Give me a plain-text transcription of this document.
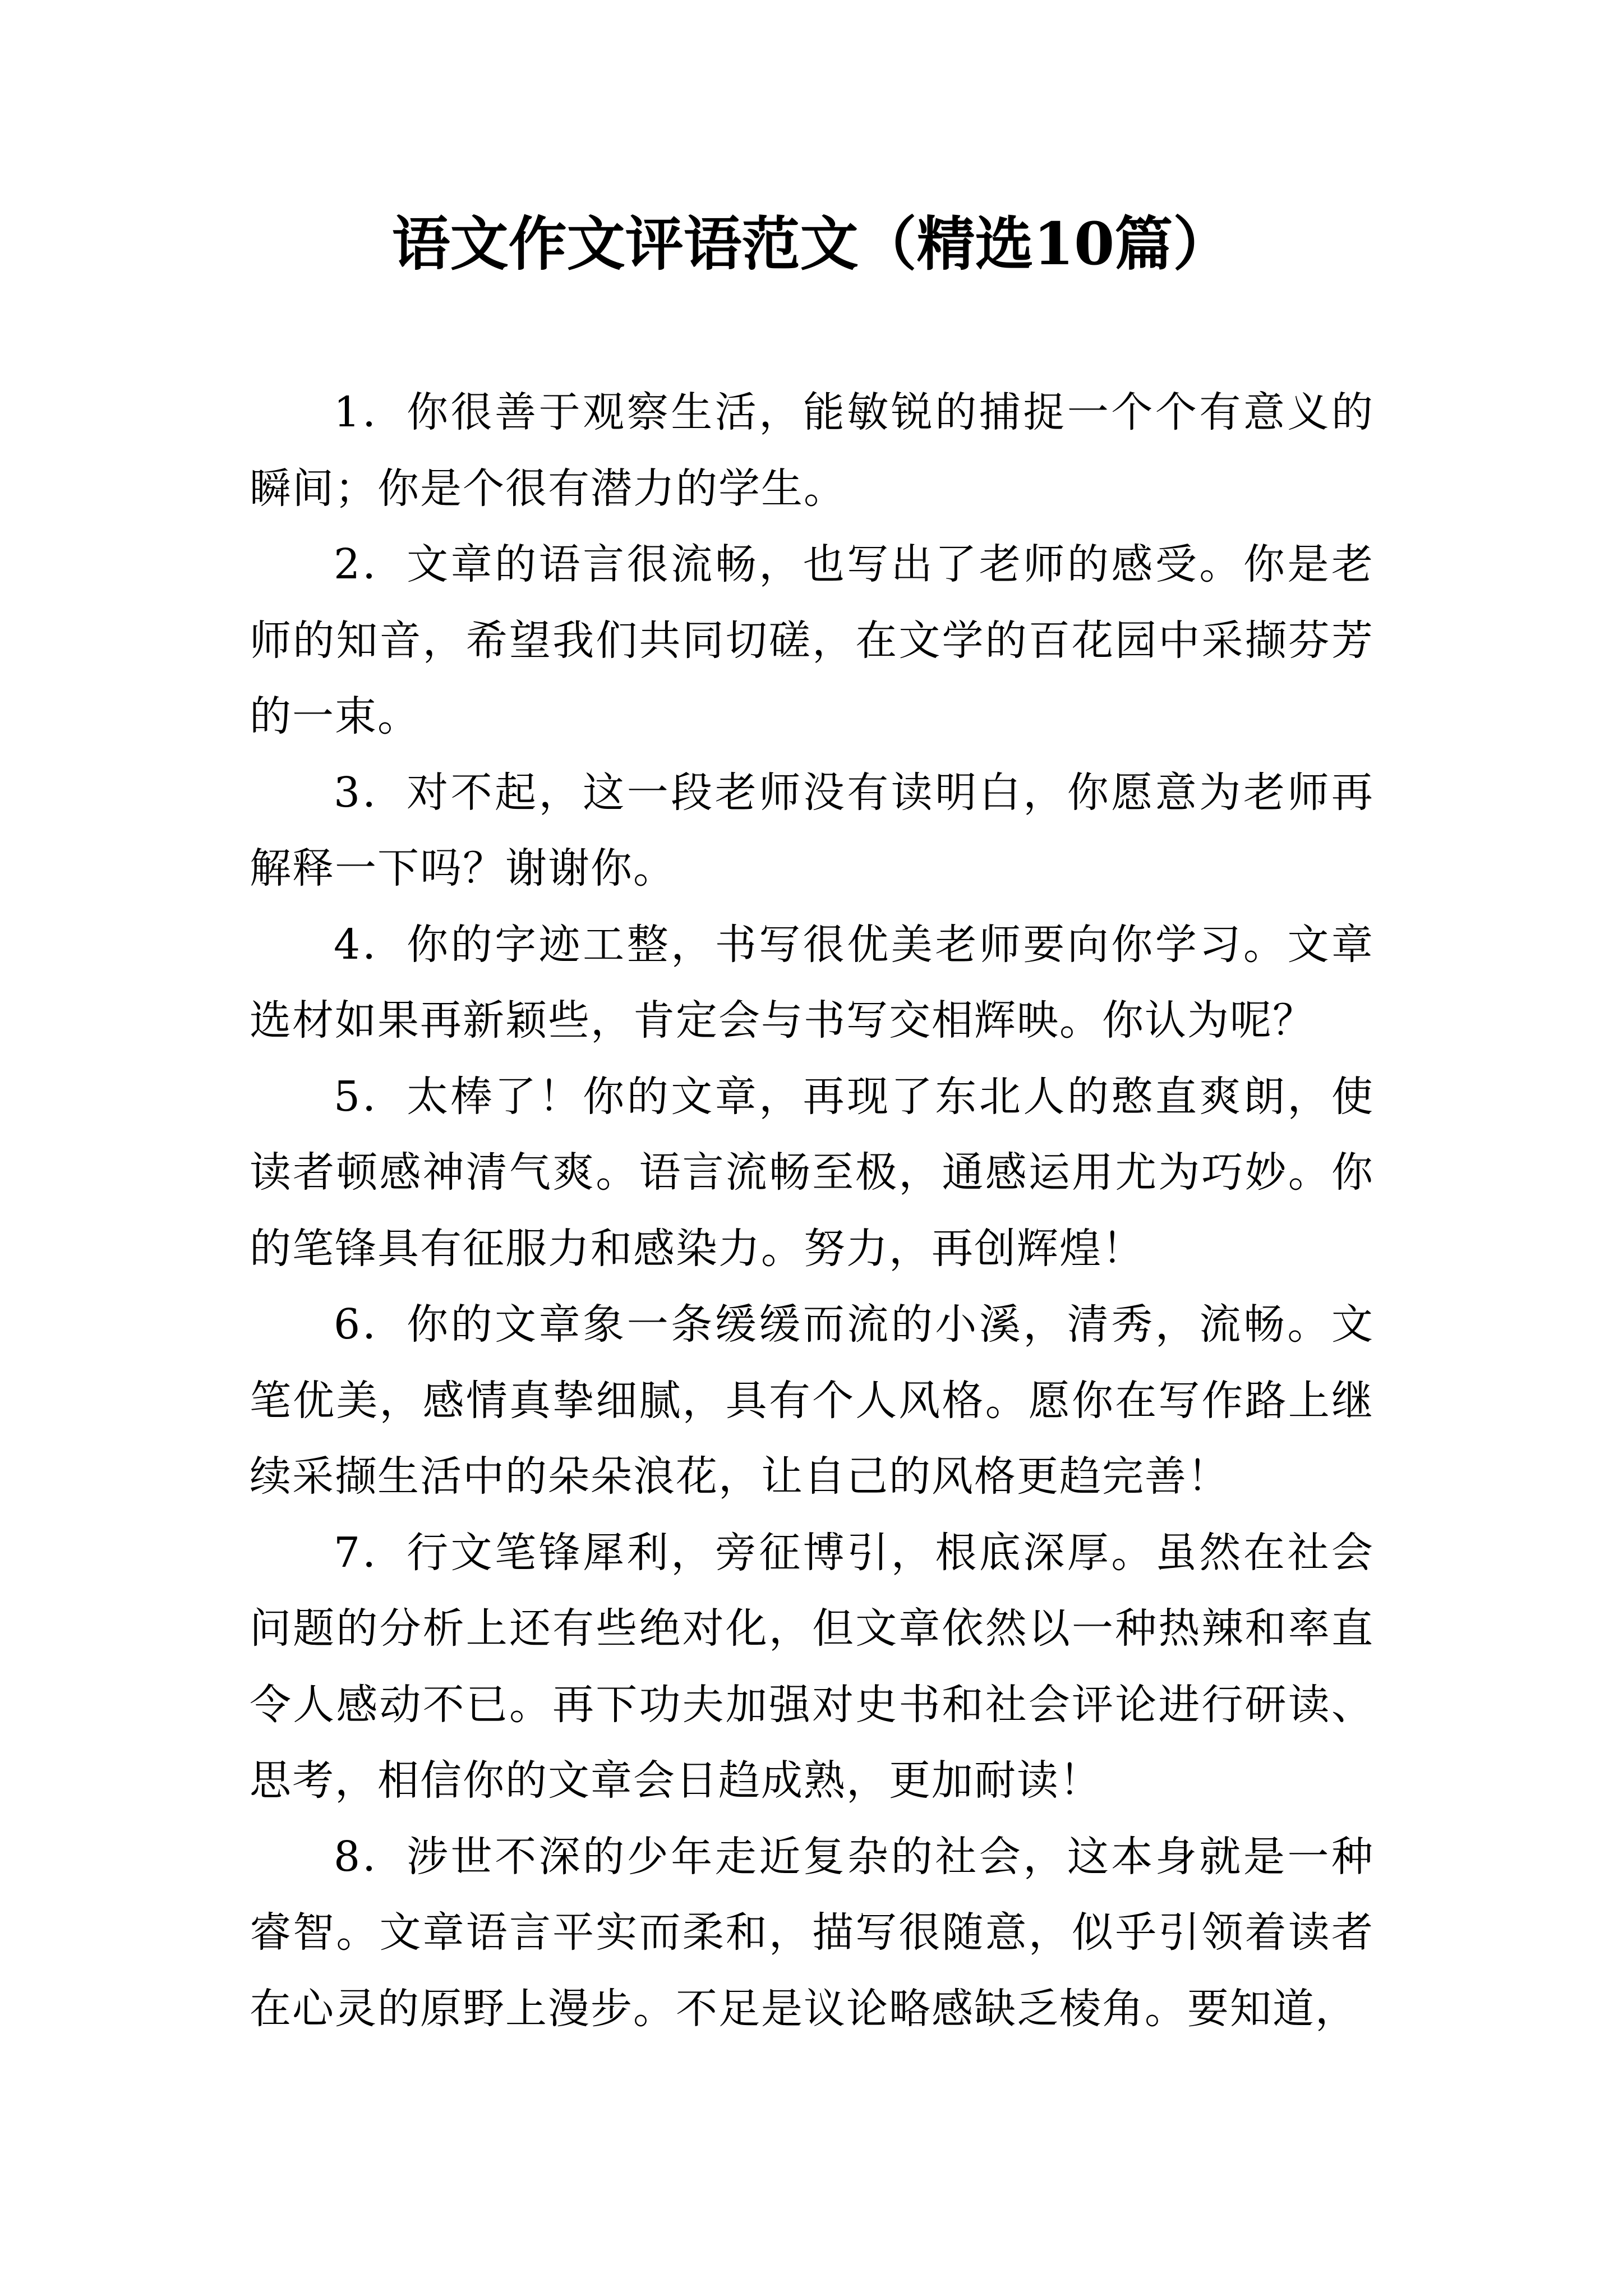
语文作文评语范文（精选10篇）

1．你很善于观察生活，能敏锐的捕捉一个个有意义的瞬间；你是个很有潜力的学生。

2．文章的语言很流畅，也写出了老师的感受。你是老师的知音，希望我们共同切磋，在文学的百花园中采撷芬芳的一束。

3．对不起，这一段老师没有读明白，你愿意为老师再解释一下吗？谢谢你。

4．你的字迹工整，书写很优美老师要向你学习。文章选材如果再新颖些，肯定会与书写交相辉映。你认为呢？

5．太棒了！你的文章，再现了东北人的憨直爽朗，使读者顿感神清气爽。语言流畅至极，通感运用尤为巧妙。你的笔锋具有征服力和感染力。努力，再创辉煌！

6．你的文章象一条缓缓而流的小溪，清秀，流畅。文笔优美，感情真挚细腻，具有个人风格。愿你在写作路上继续采撷生活中的朵朵浪花，让自己的风格更趋完善！

7．行文笔锋犀利，旁征博引，根底深厚。虽然在社会问题的分析上还有些绝对化，但文章依然以一种热辣和率直令人感动不已。再下功夫加强对史书和社会评论进行研读、思考，相信你的文章会日趋成熟，更加耐读！

8．涉世不深的少年走近复杂的社会，这本身就是一种睿智。文章语言平实而柔和，描写很随意，似乎引领着读者在心灵的原野上漫步。不足是议论略感缺乏棱角。要知道，
